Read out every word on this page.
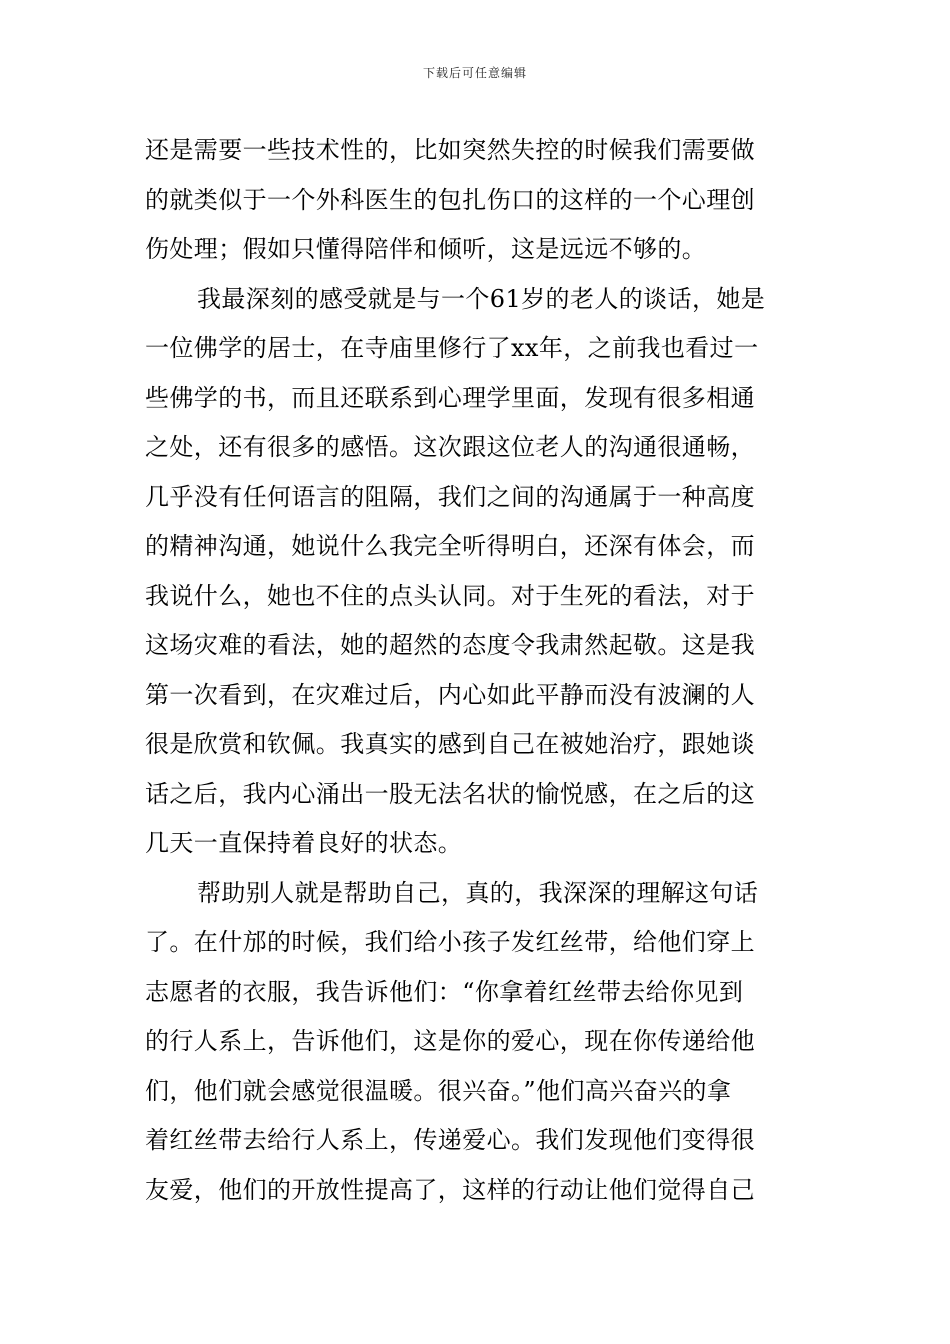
下载后可任意编辑
还是需要一些技术性的，比如突然失控的时候我们需要做
的就类似于一个外科医生的包扎伤口的这样的一个心理创
伤处理；假如只懂得陪伴和倾听，这是远远不够的。
我最深刻的感受就是与一个61岁的老人的谈话，她是
一位佛学的居士，在寺庙里修行了xx年，之前我也看过一
些佛学的书，而且还联系到心理学里面，发现有很多相通
之处，还有很多的感悟。这次跟这位老人的沟通很通畅，
几乎没有任何语言的阻隔，我们之间的沟通属于一种高度
的精神沟通，她说什么我完全听得明白，还深有体会，而
我说什么，她也不住的点头认同。对于生死的看法，对于
这场灾难的看法，她的超然的态度令我肃然起敬。这是我
第一次看到，在灾难过后，内心如此平静而没有波澜的人
很是欣赏和钦佩。我真实的感到自己在被她治疗，跟她谈
话之后，我内心涌出一股无法名状的愉悦感，在之后的这
几天一直保持着良好的状态。
帮助别人就是帮助自己，真的，我深深的理解这句话
了。在什邡的时候，我们给小孩子发红丝带，给他们穿上
志愿者的衣服，我告诉他们：“你拿着红丝带去给你见到
的行人系上，告诉他们，这是你的爱心，现在你传递给他
们，他们就会感觉很温暖。很兴奋。”他们高兴奋兴的拿
着红丝带去给行人系上，传递爱心。我们发现他们变得很
友爱，他们的开放性提高了，这样的行动让他们觉得自己
